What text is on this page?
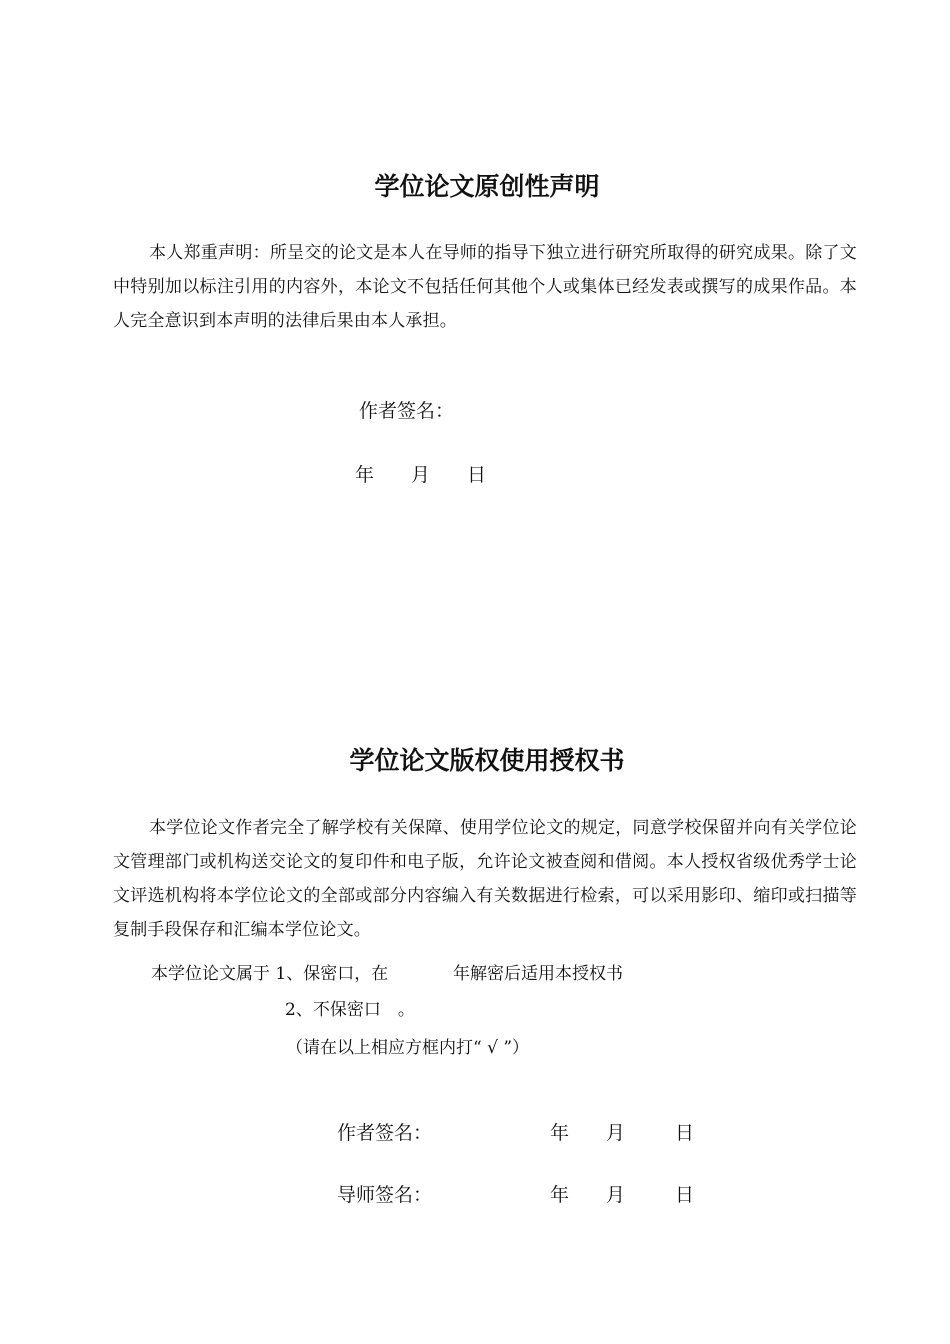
学位论文原创性声明
本人郑重声明：所呈交的论文是本人在导师的指导下独立进行研究所取得的研究成果。除了文中特别加以标注引用的内容外，本论文不包括任何其他个人或集体已经发表或撰写的成果作品。本人完全意识到本声明的法律后果由本人承担。
作者签名：
年 月 日
学位论文版权使用授权书
本学位论文作者完全了解学校有关保障、使用学位论文的规定，同意学校保留并向有关学位论文管理部门或机构送交论文的复印件和电子版，允许论文被查阅和借阅。本人授权省级优秀学士论文评选机构将本学位论文的全部或部分内容编入有关数据进行检索，可以采用影印、缩印或扫描等复制手段保存和汇编本学位论文。
本学位论文属于 1、保密口，在	年解密后适用本授权书
2、不保密口　。
（请在以上相应方框内打“ √ ”）
作者签名：	年 月	日
导师签名：	年 月	日
